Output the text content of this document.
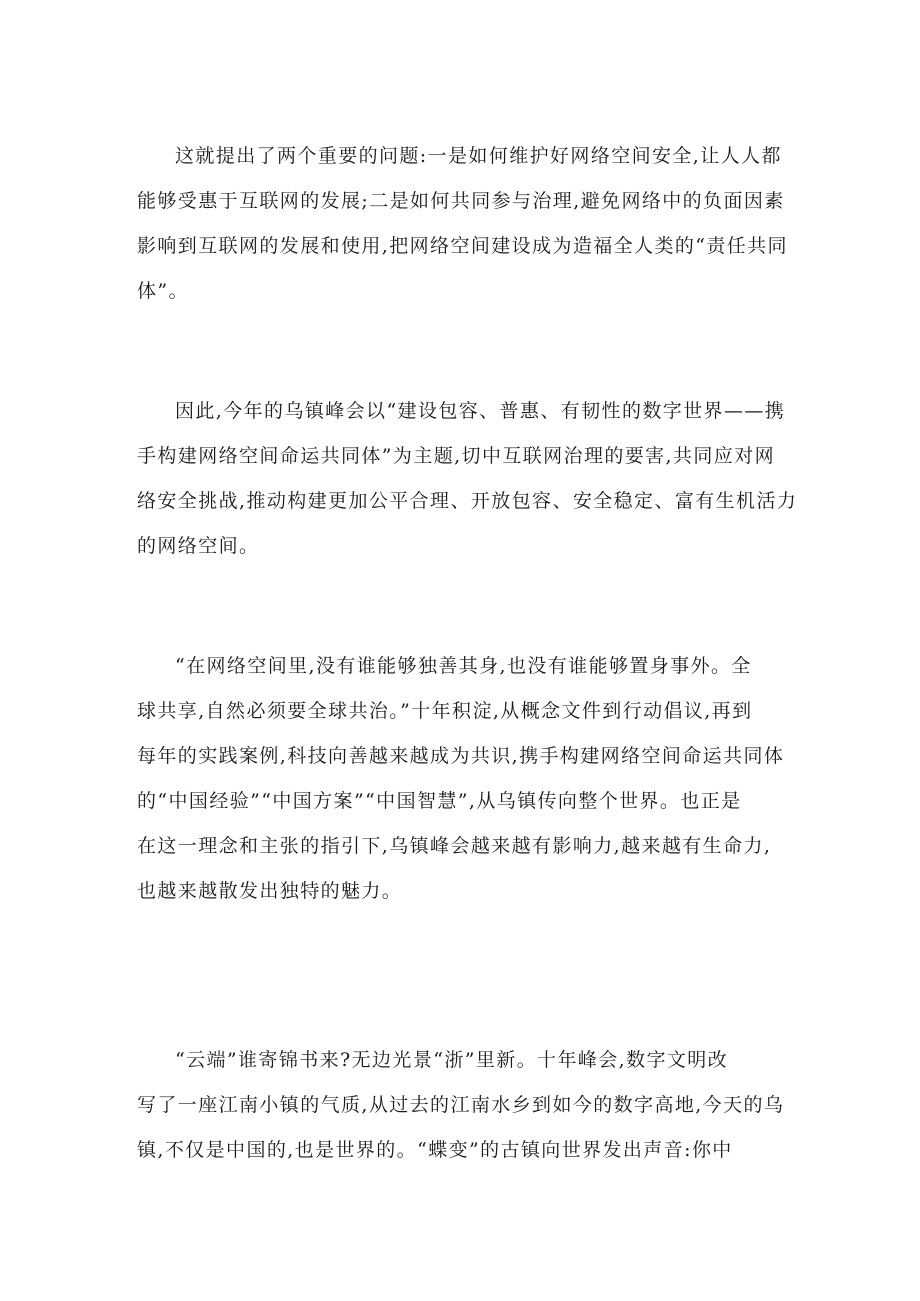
这就提出了两个重要的问题:一是如何维护好网络空间安全,让人人都
能够受惠于互联网的发展;二是如何共同参与治理,避免网络中的负面因素
影响到互联网的发展和使用,把网络空间建设成为造福全人类的“责任共同
体”。
因此,今年的乌镇峰会以“建设包容、普惠、有韧性的数字世界——携
手构建网络空间命运共同体”为主题,切中互联网治理的要害,共同应对网
络安全挑战,推动构建更加公平合理、开放包容、安全稳定、富有生机活力
的网络空间。
“在网络空间里,没有谁能够独善其身,也没有谁能够置身事外。全
球共享,自然必须要全球共治。”十年积淀,从概念文件到行动倡议,再到
每年的实践案例,科技向善越来越成为共识,携手构建网络空间命运共同体
的“中国经验”“中国方案”“中国智慧”,从乌镇传向整个世界。也正是
在这一理念和主张的指引下,乌镇峰会越来越有影响力,越来越有生命力,
也越来越散发出独特的魅力。
“云端”谁寄锦书来?无边光景“浙”里新。十年峰会,数字文明改
写了一座江南小镇的气质,从过去的江南水乡到如今的数字高地,今天的乌
镇,不仅是中国的,也是世界的。“蝶变”的古镇向世界发出声音:你中
